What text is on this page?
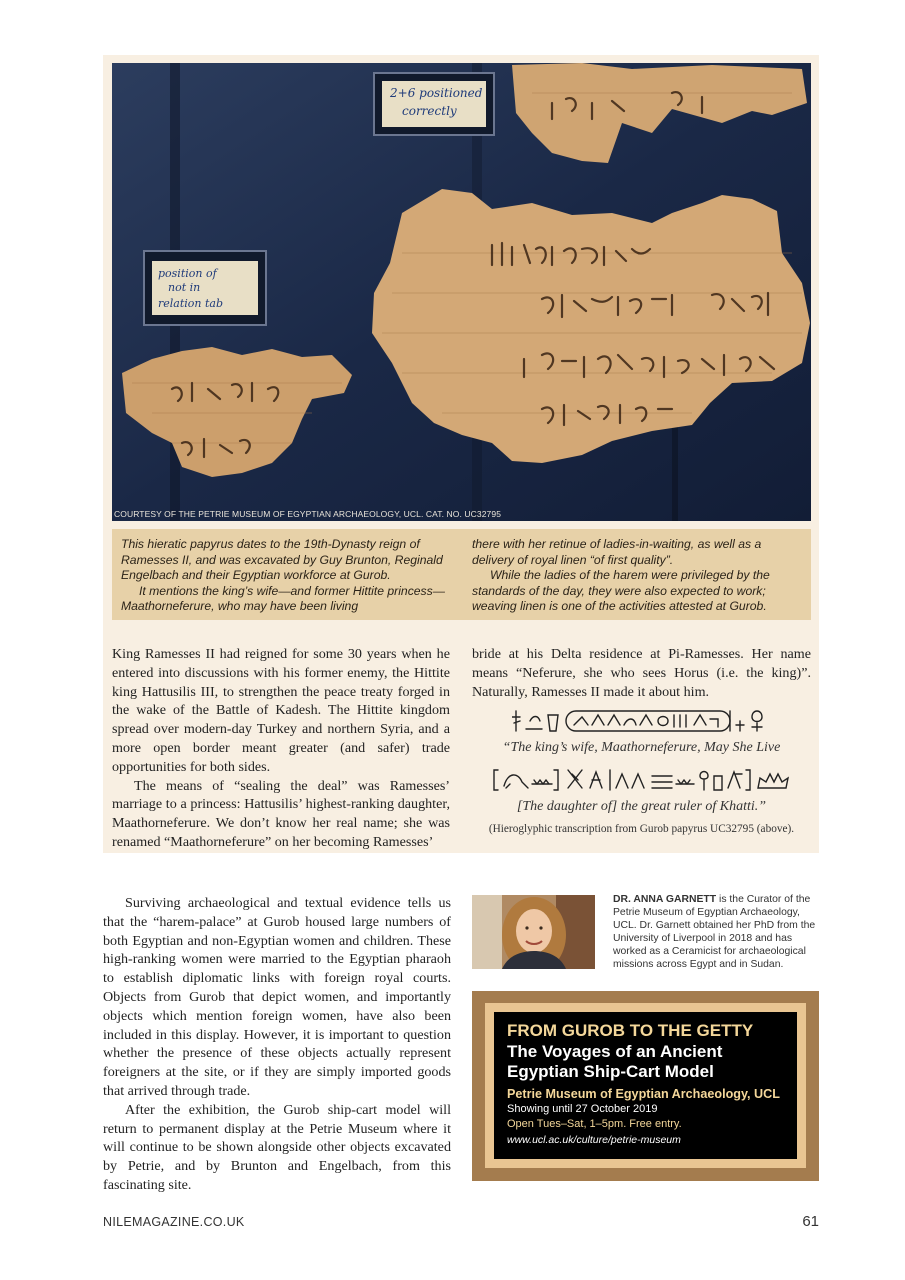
2+6 positioned
correctly
position of
not in
relation tab
COURTESY OF THE PETRIE MUSEUM OF EGYPTIAN ARCHAEOLOGY, UCL. CAT. NO. UC32795

This hieratic papyrus dates to the 19th-Dynasty reign of Ramesses II, and was excavated by Guy Brunton, Reginald Engelbach and their Egyptian workforce at Gurob.

It mentions the king’s wife—and former Hittite princess—Maathorneferure, who may have been living

there with her retinue of ladies-in-waiting, as well as a delivery of royal linen “of first quality”.

While the ladies of the harem were privileged by the standards of the day, they were also expected to work; weaving linen is one of the activities attested at Gurob.

King Ramesses II had reigned for some 30 years when he entered into discussions with his former enemy, the Hittite king Hattusilis III, to strengthen the peace treaty forged in the wake of the Battle of Kadesh. The Hittite kingdom spread over modern-day Turkey and northern Syria, and a more open border meant greater (and safer) trade opportunities for both sides.

The means of “sealing the deal” was Ramesses’ marriage to a princess: Hattusilis’ highest-ranking daughter, Maathorneferure. We don’t know her real name; she was renamed “Maathorneferure” on her becoming Ramesses’

bride at his Delta residence at Pi-Ramesses. Her name means “Neferure, she who sees Horus (i.e. the king)”. Naturally, Ramesses II made it about him.

“The king’s wife, Maathorneferure, May She Live
[The daughter of] the great ruler of Khatti.”
(Hieroglyphic transcription from Gurob papyrus UC32795 (above).

Surviving archaeological and textual evidence tells us that the “harem-palace” at Gurob housed large numbers of both Egyptian and non-Egyptian women and children. These high-ranking women were married to the Egyptian pharaoh to establish diplomatic links with foreign royal courts. Objects from Gurob that depict women, and importantly objects which mention foreign women, have also been included in this display. However, it is important to question whether the presence of these objects actually represent foreigners at the site, or if they are simply imported goods that arrived through trade.

After the exhibition, the Gurob ship-cart model will return to permanent display at the Petrie Museum where it will continue to be shown alongside other objects excavated by Petrie, and by Brunton and Engelbach, from this fascinating site.

DR. ANNA GARNETT is the Curator of the Petrie Museum of Egyptian Archaeology, UCL. Dr. Garnett obtained her PhD from the University of Liverpool in 2018 and has worked as a Ceramicist for archaeological missions across Egypt and in Sudan.
FROM GUROB TO THE GETTY
The Voyages of an Ancient Egyptian Ship-Cart Model
Petrie Museum of Egyptian Archaeology, UCL
Showing until 27 October 2019
Open Tues–Sat, 1–5pm. Free entry.
www.ucl.ac.uk/culture/petrie-museum
NILEMAGAZINE.CO.UK	61
